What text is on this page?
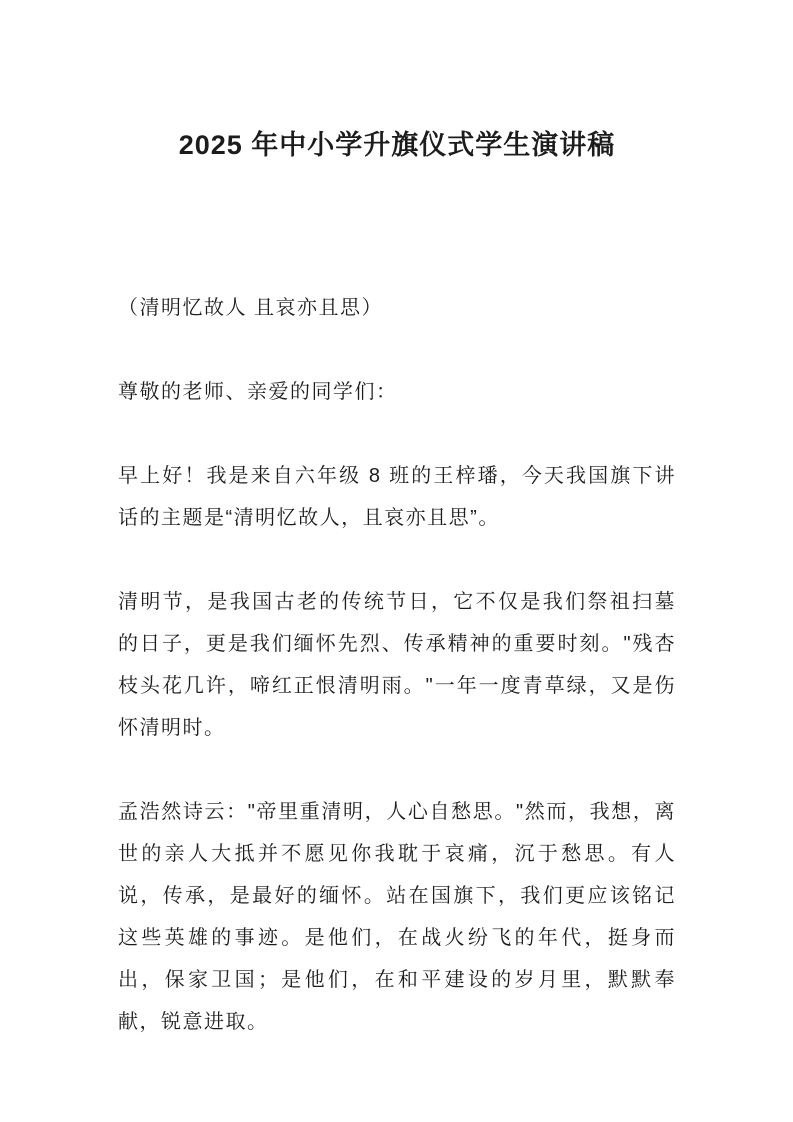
2025 年中小学升旗仪式学生演讲稿

（清明忆故人 且哀亦且思）

尊敬的老师、亲爱的同学们：

早上好！我是来自六年级 8 班的王梓璠，今天我国旗下讲话的主题是“清明忆故人，且哀亦且思”。

清明节，是我国古老的传统节日，它不仅是我们祭祖扫墓的日子，更是我们缅怀先烈、传承精神的重要时刻。"残杏枝头花几许，啼红正恨清明雨。"一年一度青草绿，又是伤怀清明时。

孟浩然诗云："帝里重清明，人心自愁思。"然而，我想，离世的亲人大抵并不愿见你我耽于哀痛，沉于愁思。有人说，传承，是最好的缅怀。站在国旗下，我们更应该铭记这些英雄的事迹。是他们，在战火纷飞的年代，挺身而出，保家卫国；是他们，在和平建设的岁月里，默默奉献，锐意进取。
